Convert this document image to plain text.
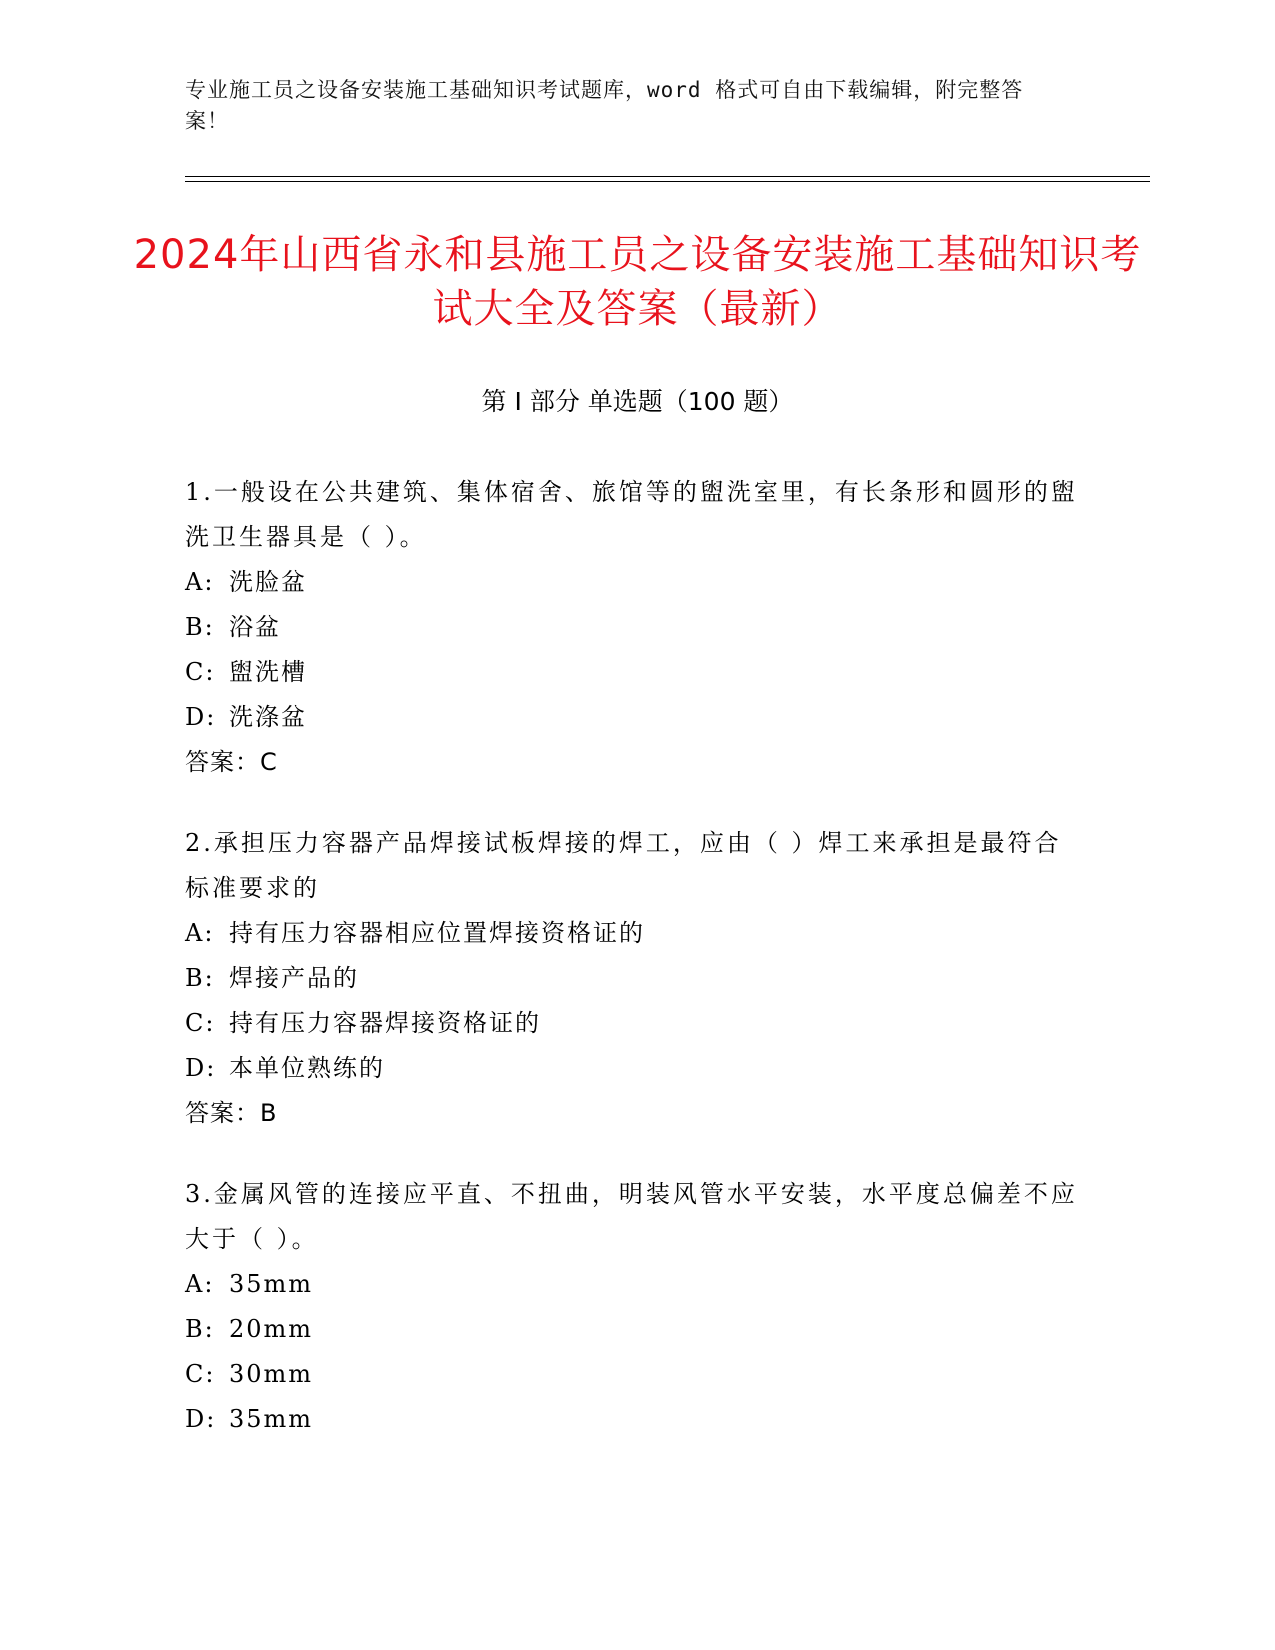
专业施工员之设备安装施工基础知识考试题库，word 格式可自由下载编辑，附完整答案！
2024年山西省永和县施工员之设备安装施工基础知识考试大全及答案（最新）
第 I 部分 单选题（100 题）

1.一般设在公共建筑、集体宿舍、旅馆等的盥洗室里，有长条形和圆形的盥洗卫生器具是（ ）。

A: 洗脸盆
B: 浴盆
C: 盥洗槽
D: 洗涤盆
答案：C

2.承担压力容器产品焊接试板焊接的焊工，应由（ ）焊工来承担是最符合标准要求的

A: 持有压力容器相应位置焊接资格证的
B: 焊接产品的
C: 持有压力容器焊接资格证的
D: 本单位熟练的
答案：B

3.金属风管的连接应平直、不扭曲，明装风管水平安装，水平度总偏差不应大于（ ）。

A: 35mm
B: 20mm
C: 30mm
D: 35mm
